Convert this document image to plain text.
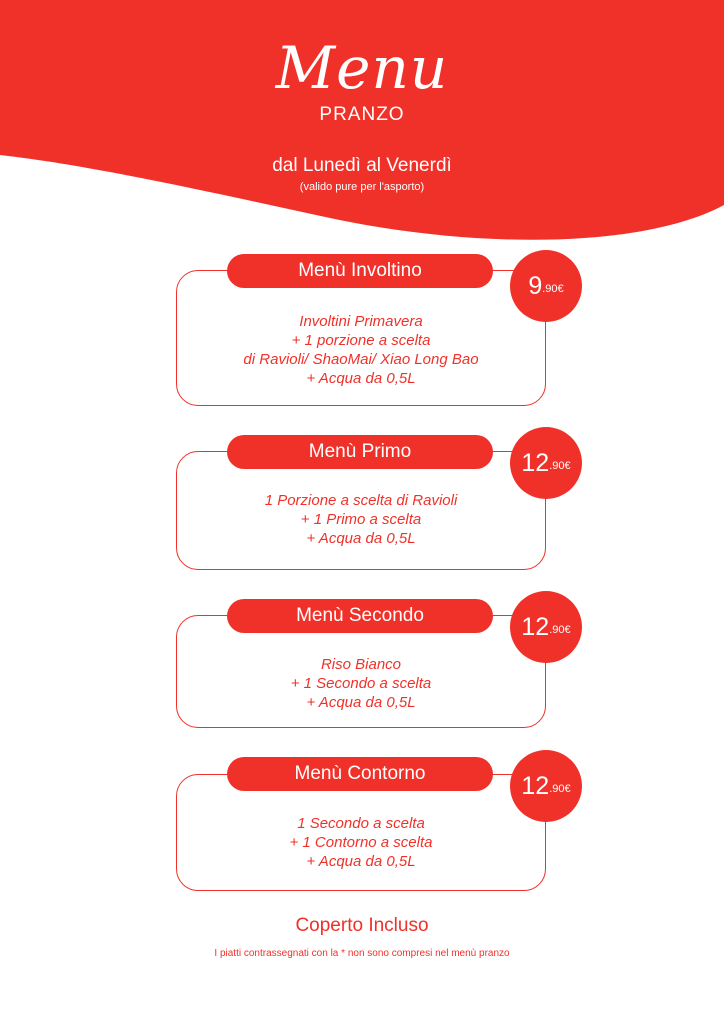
Menu
PRANZO
dal Lunedì al Venerdì
(valido pure per l'asporto)
Menù Involtino
9 .90€
Involtini Primavera
+ 1 porzione a scelta
di Ravioli/ ShaoMai/ Xiao Long Bao
+ Acqua da 0,5L
Menù Primo	12 .90€
1 Porzione a scelta di Ravioli
+ 1 Primo a scelta
+ Acqua da 0,5L
Menù Secondo	12 .90€
Riso Bianco
+ 1 Secondo a scelta
+ Acqua da 0,5L
Menù Contorno	12 .90€
1 Secondo a scelta
+ 1 Contorno a scelta
+ Acqua da 0,5L
Coperto Incluso
I piatti contrassegnati con la * non sono compresi nel menù pranzo
